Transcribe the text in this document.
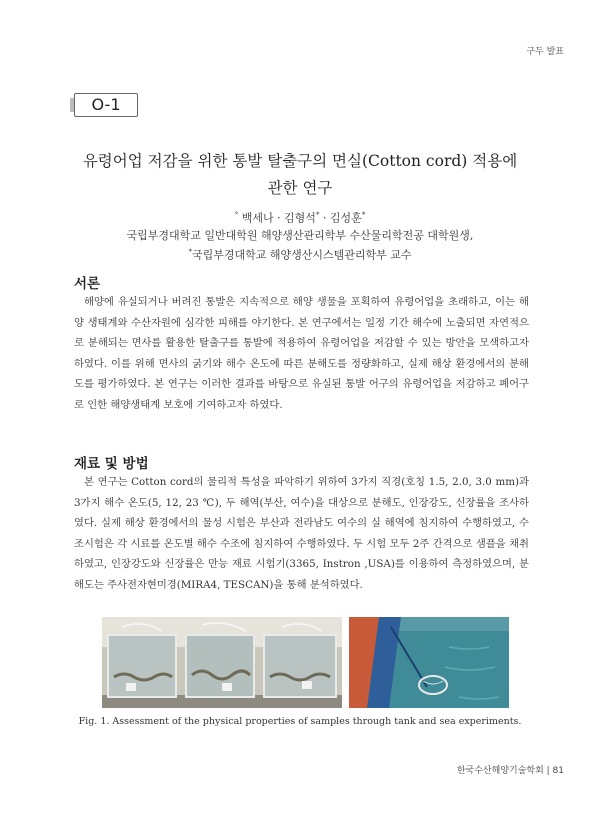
구두 발표
O-1
유령어업 저감을 위한 통발 탈출구의 면실(Cotton cord) 적용에
관한 연구
° 백세나 · 김형석* · 김성훈*
국립부경대학교 일반대학원 해양생산관리학부 수산물리학전공 대학원생,
*국립부경대학교 해양생산시스템관리학부 교수
서론
해양에 유실되거나 버려진 통발은 지속적으로 해양 생물을 포획하여 유령어업을 초래하고, 이는 해양 생태계와 수산자원에 심각한 피해를 야기한다. 본 연구에서는 일정 기간 해수에 노출되면 자연적으로 분해되는 면사를 활용한 탈출구를 통발에 적용하여 유령어업을 저감할 수 있는 방안을 모색하고자 하였다. 이를 위해 면사의 굵기와 해수 온도에 따른 분해도를 정량화하고, 실제 해상 환경에서의 분해도를 평가하였다. 본 연구는 이러한 결과를 바탕으로 유실된 통발 어구의 유령어업을 저감하고 폐어구로 인한 해양생태계 보호에 기여하고자 하였다.
재료 및 방법
본 연구는 Cotton cord의 물리적 특성을 파악하기 위하여 3가지 직경(호칭 1.5, 2.0, 3.0 mm)과 3가지 해수 온도(5, 12, 23 ℃), 두 해역(부산, 여수)을 대상으로 분해도, 인장강도, 신장률을 조사하였다. 실제 해상 환경에서의 물성 시험은 부산과 전라남도 여수의 실 해역에 침지하여 수행하였고, 수조시험은 각 시료를 온도별 해수 수조에 침지하여 수행하였다. 두 시험 모두 2주 간격으로 샘플을 채취하였고, 인장강도와 신장률은 만능 재료 시험기(3365, Instron ,USA)를 이용하여 측정하였으며, 분해도는 주사전자현미경(MIRA4, TESCAN)을 통해 분석하였다.
Fig. 1. Assessment of the physical properties of samples through tank and sea experiments.
한국수산해양기술학회 | 81
